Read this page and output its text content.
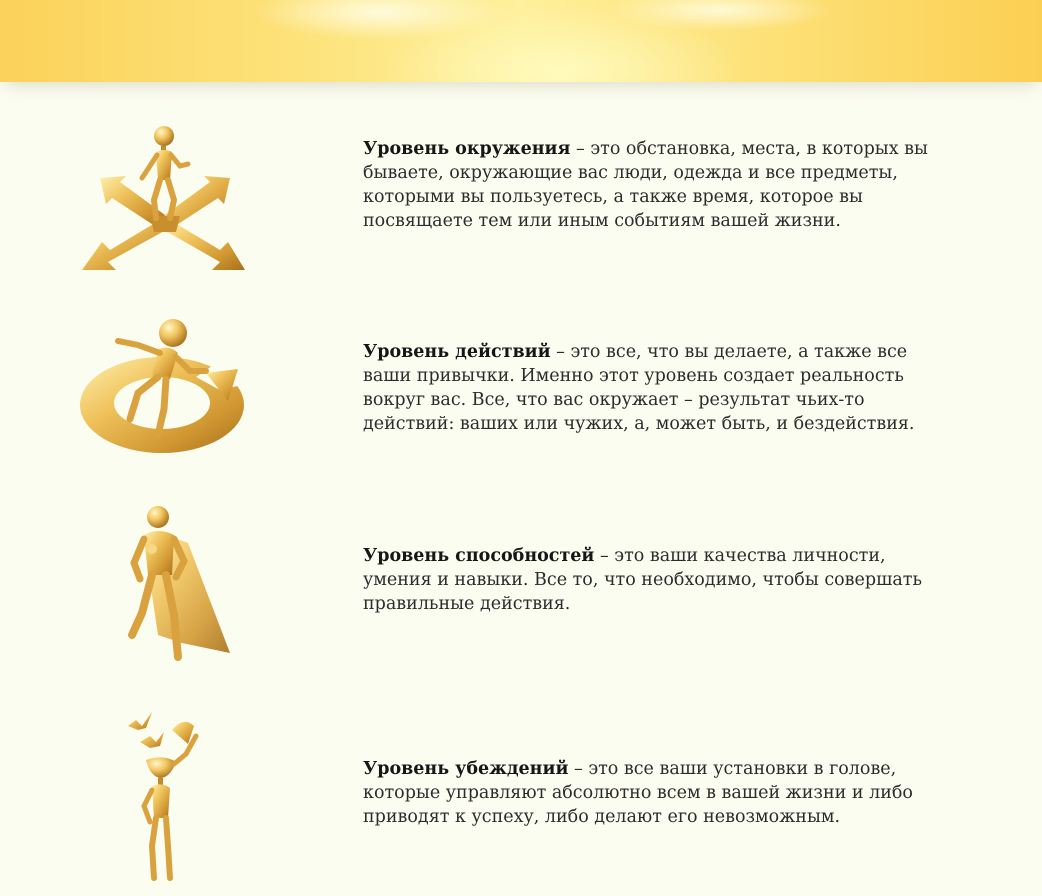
Уровень окружения – это обстановка, места, в которых вы бываете, окружающие вас люди, одежда и все предметы, которыми вы пользуетесь, а также время, которое вы посвящаете тем или иным событиям вашей жизни.
Уровень действий – это все, что вы делаете, а также все ваши привычки. Именно этот уровень создает реальность вокруг вас. Все, что вас окружает – результат чьих-то действий: ваших или чужих, а, может быть, и бездействия.
Уровень способностей – это ваши качества личности, умения и навыки. Все то, что необходимо, чтобы совершать правильные действия.
Уровень убеждений – это все ваши установки в голове, которые управляют абсолютно всем в вашей жизни и либо приводят к успеху, либо делают его невозможным.
